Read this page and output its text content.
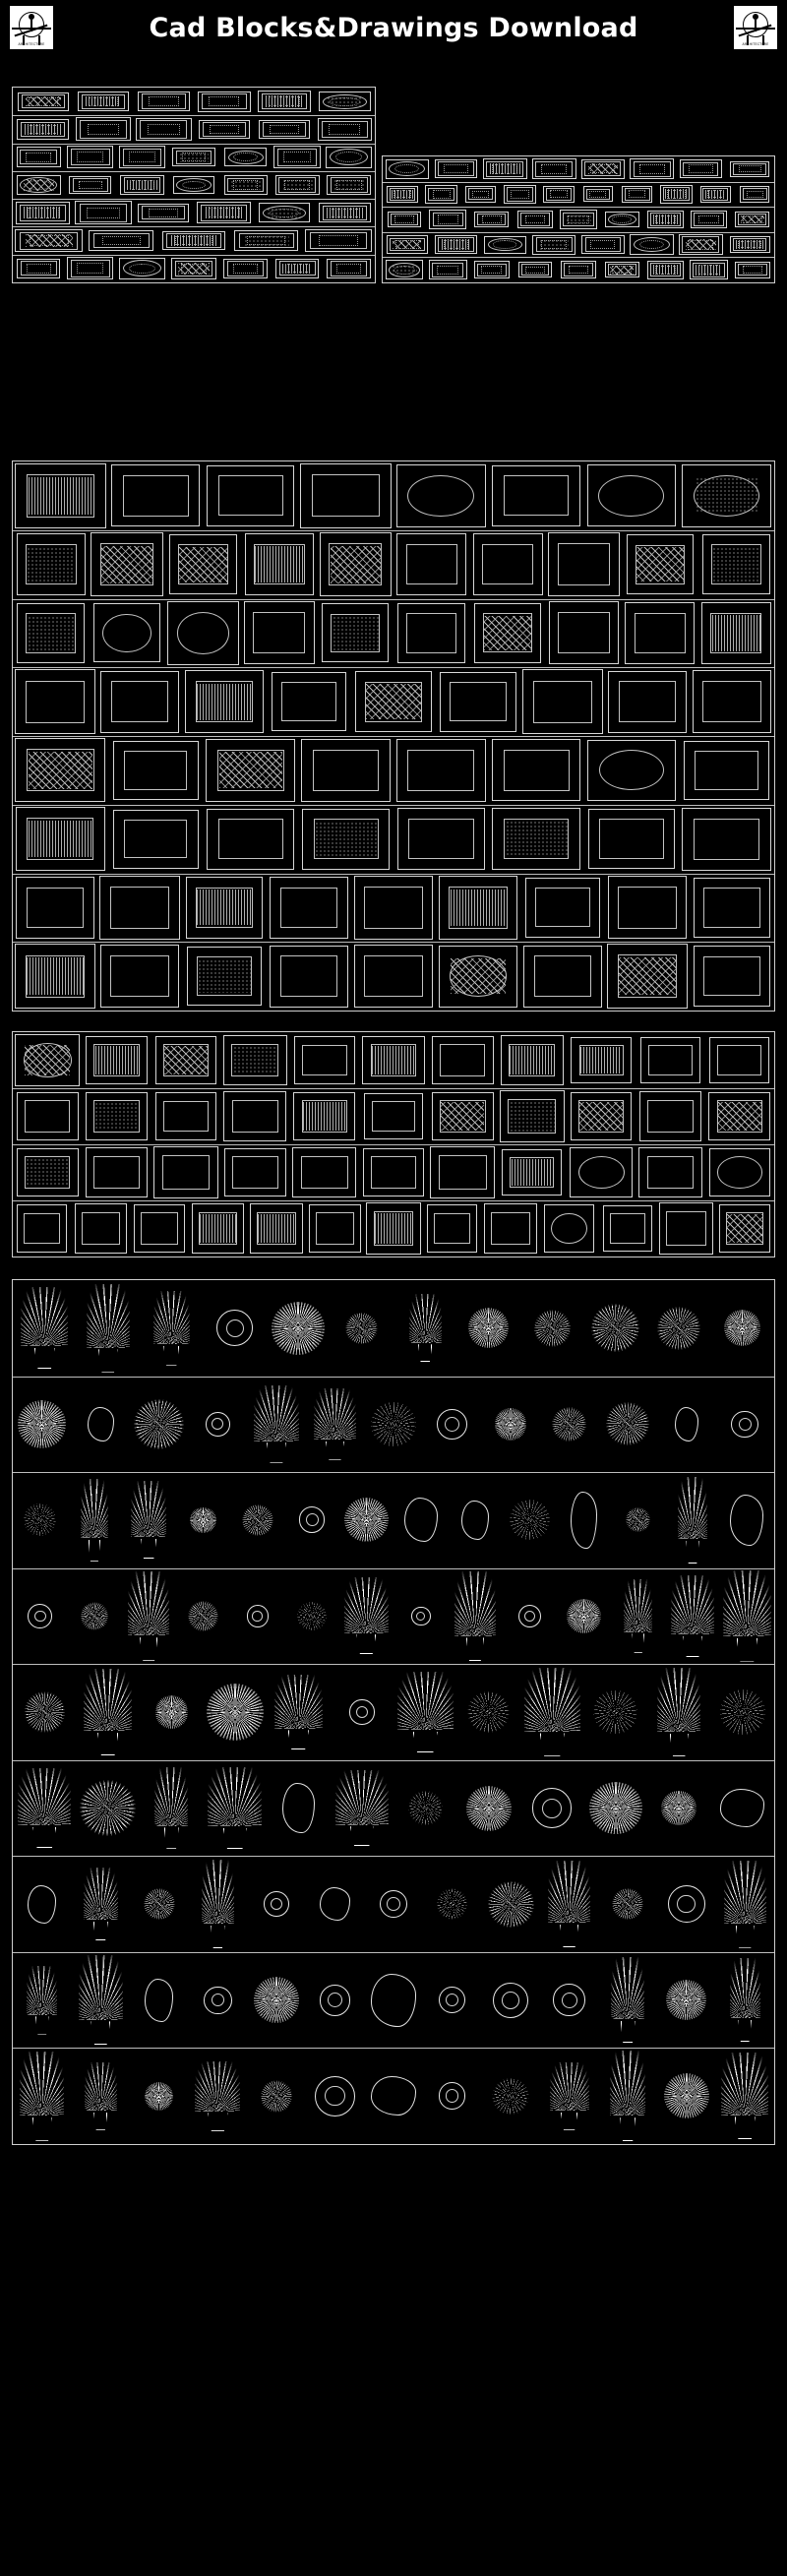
ARCHITECTURE
Cad Blocks&Drawings Download
ARCHITECTURE
